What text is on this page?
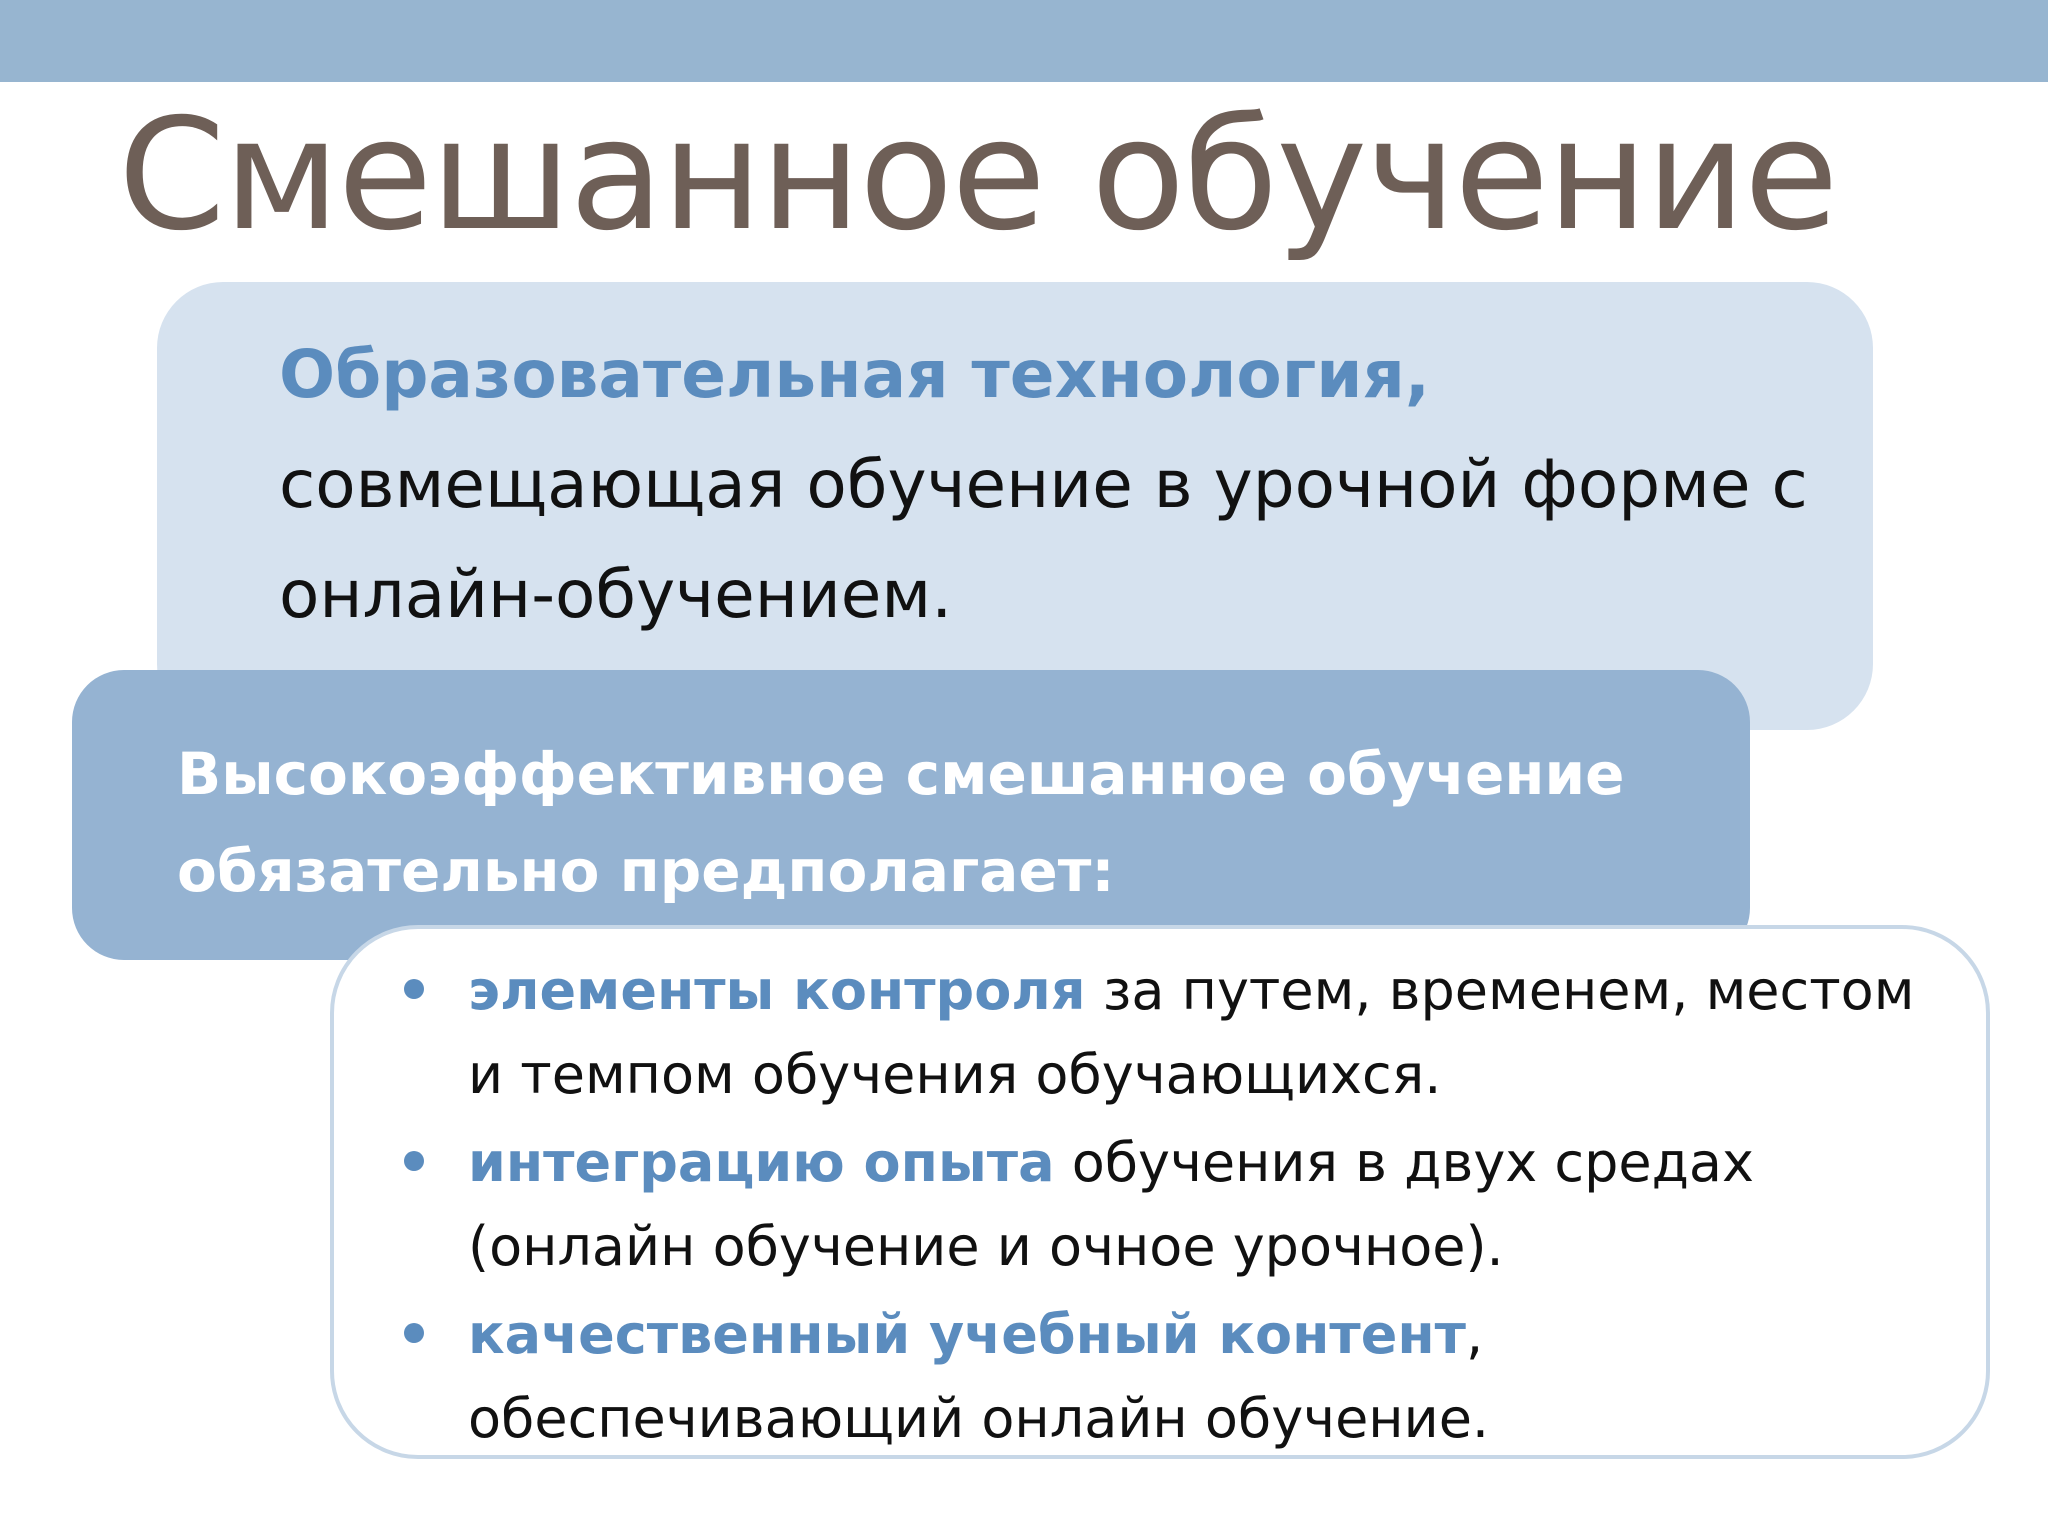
Смешанное обучение

Образовательная технология,
совмещающая обучение в урочной форме с онлайн-обучением.

Высокоэффективное смешанное обучение обязательно предполагает:

элементы контроля за путем, временем, местом и темпом обучения обучающихся.
интеграцию опыта обучения в двух средах (онлайн обучение и очное урочное).
качественный учебный контент, обеспечивающий онлайн обучение.
